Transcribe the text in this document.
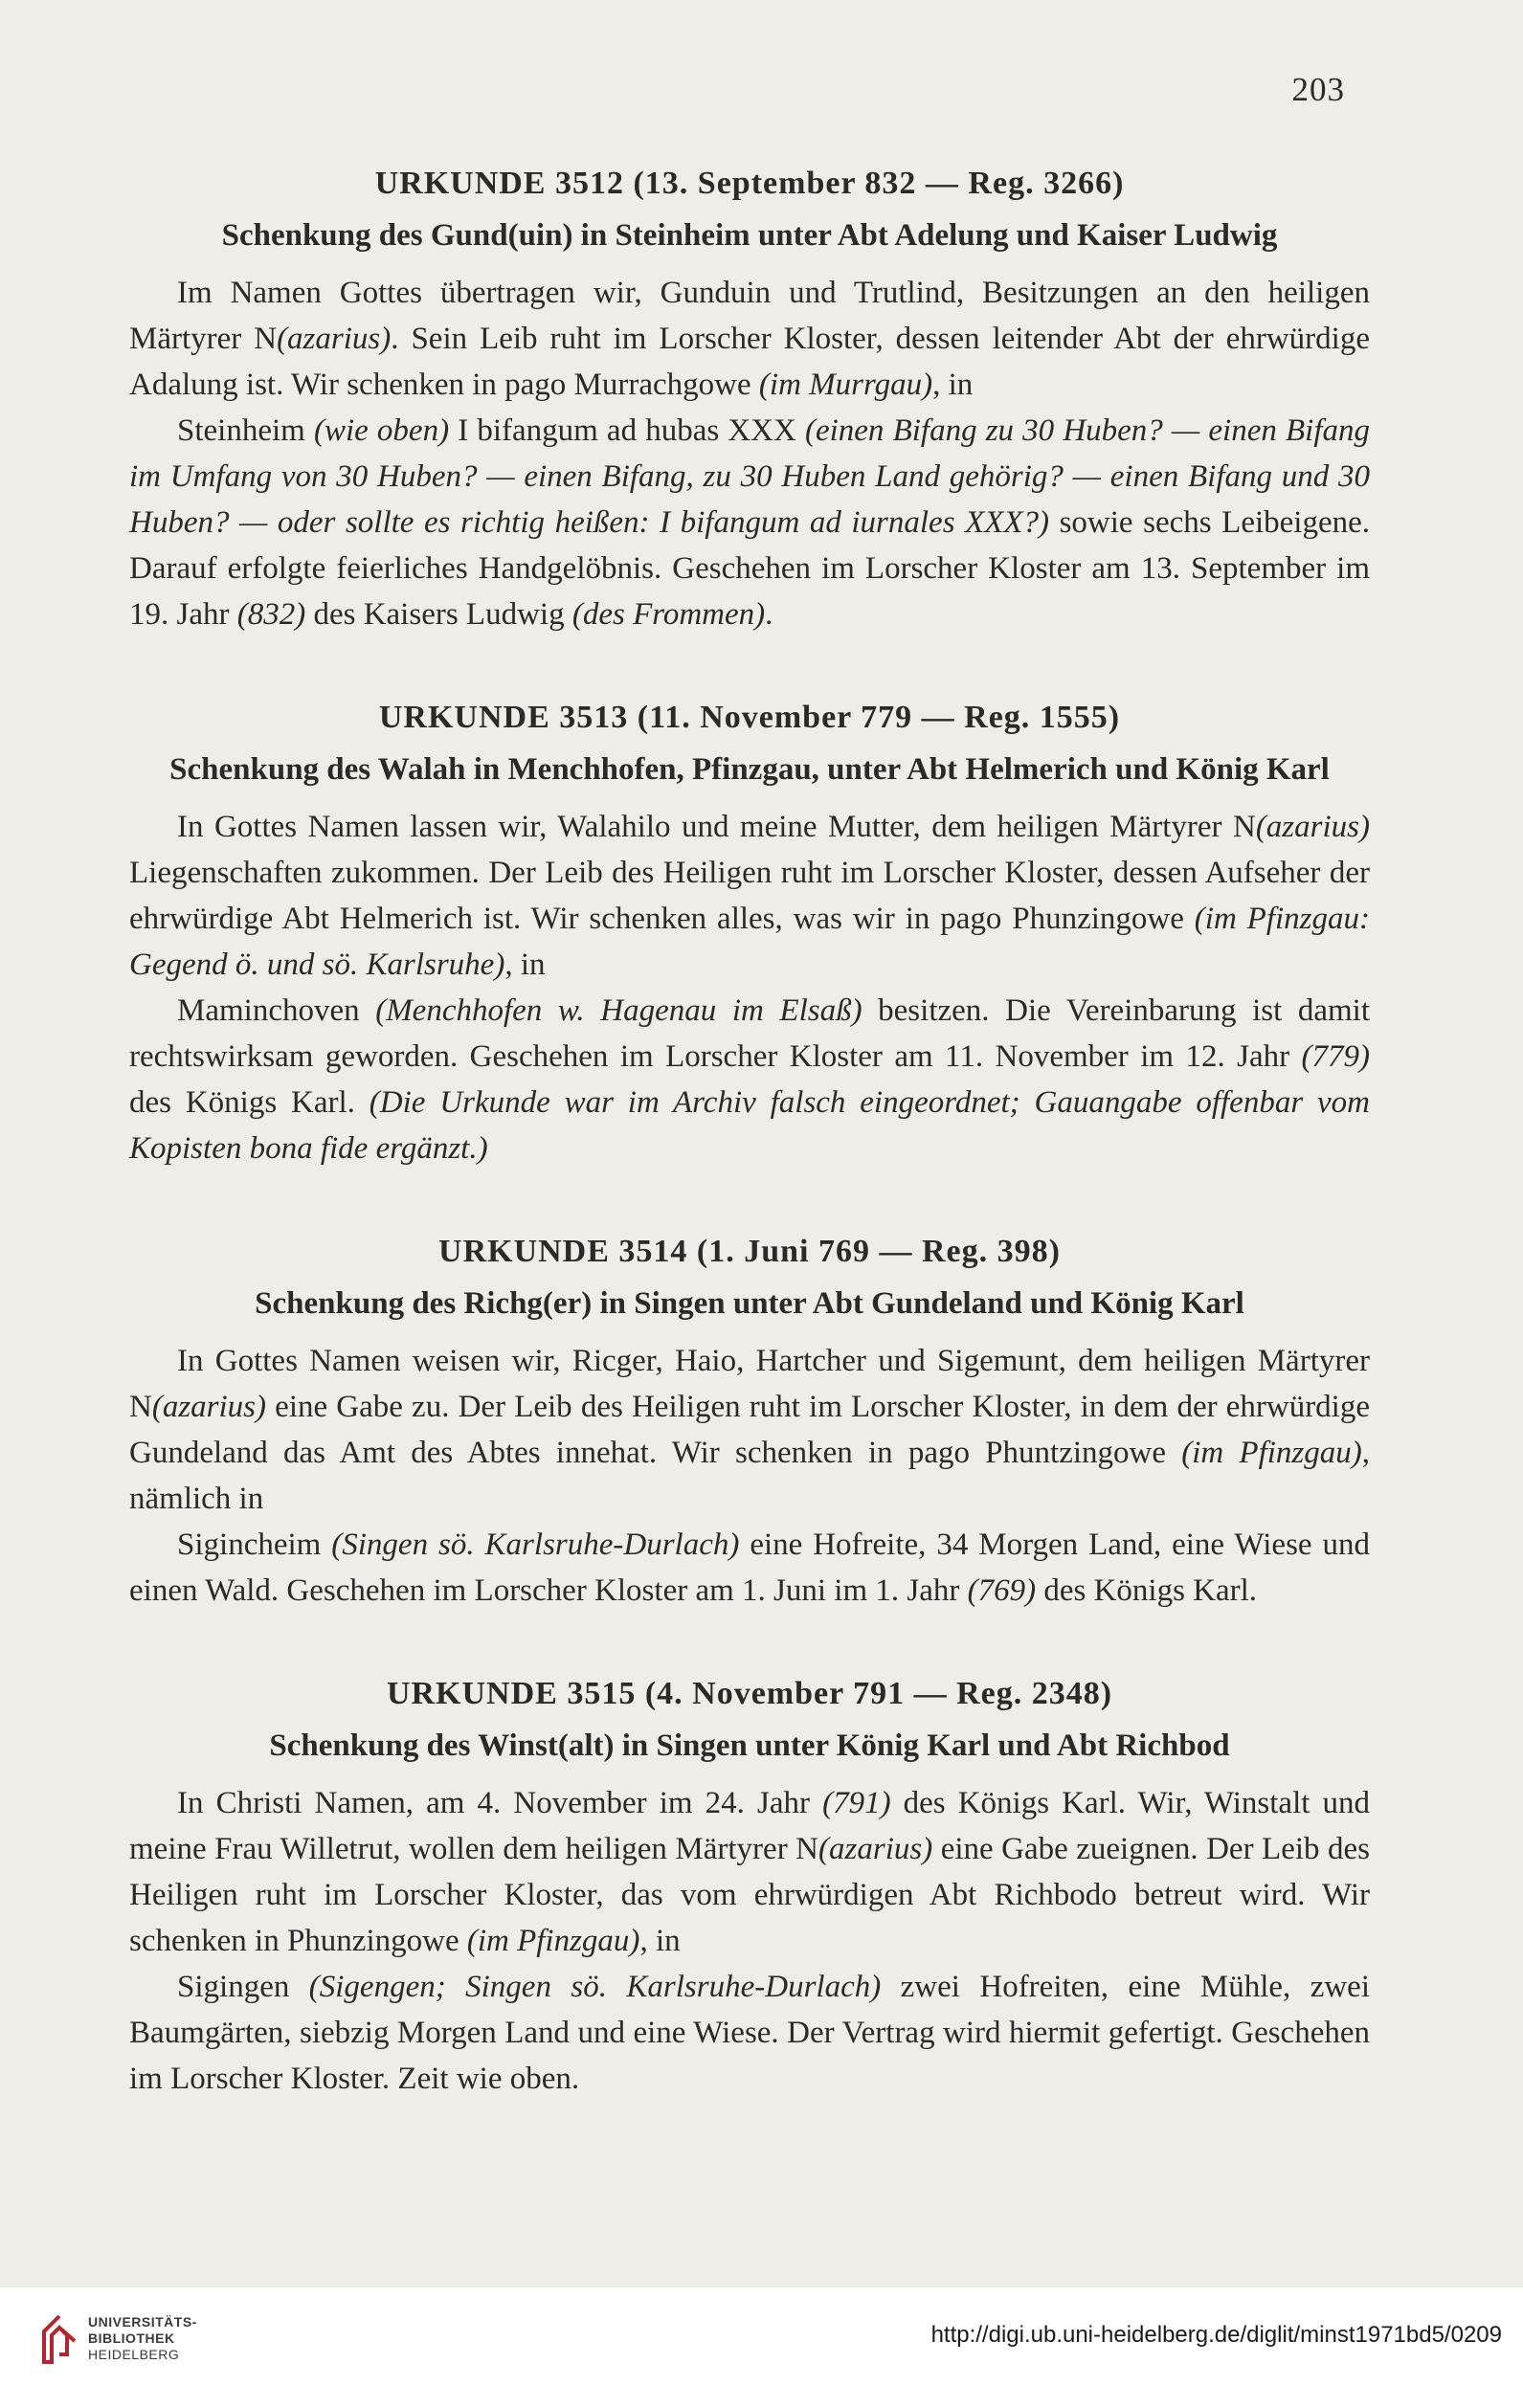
203
URKUNDE 3512 (13. September 832 — Reg. 3266)
Schenkung des Gund(uin) in Steinheim unter Abt Adelung und Kaiser Ludwig

Im Namen Gottes übertragen wir, Gunduin und Trutlind, Besitzungen an den heiligen Märtyrer N(azarius). Sein Leib ruht im Lorscher Kloster, dessen leitender Abt der ehrwürdige Adalung ist. Wir schenken in pago Murrachgowe (im Murrgau), in

Steinheim (wie oben) I bifangum ad hubas XXX (einen Bifang zu 30 Huben? — einen Bifang im Umfang von 30 Huben? — einen Bifang, zu 30 Huben Land gehörig? — einen Bifang und 30 Huben? — oder sollte es richtig heißen: I bifangum ad iurnales XXX?) sowie sechs Leibeigene. Darauf erfolgte feierliches Handgelöbnis. Geschehen im Lorscher Kloster am 13. September im 19. Jahr (832) des Kaisers Ludwig (des Frommen).

URKUNDE 3513 (11. November 779 — Reg. 1555)
Schenkung des Walah in Menchhofen, Pfinzgau, unter Abt Helmerich und König Karl

In Gottes Namen lassen wir, Walahilo und meine Mutter, dem heiligen Märtyrer N(azarius) Liegenschaften zukommen. Der Leib des Heiligen ruht im Lorscher Kloster, dessen Aufseher der ehrwürdige Abt Helmerich ist. Wir schenken alles, was wir in pago Phunzingowe (im Pfinzgau: Gegend ö. und sö. Karlsruhe), in

Maminchoven (Menchhofen w. Hagenau im Elsaß) besitzen. Die Vereinbarung ist damit rechtswirksam geworden. Geschehen im Lorscher Kloster am 11. November im 12. Jahr (779) des Königs Karl. (Die Urkunde war im Archiv falsch eingeordnet; Gauangabe offenbar vom Kopisten bona fide ergänzt.)

URKUNDE 3514 (1. Juni 769 — Reg. 398)
Schenkung des Richg(er) in Singen unter Abt Gundeland und König Karl

In Gottes Namen weisen wir, Ricger, Haio, Hartcher und Sigemunt, dem heiligen Märtyrer N(azarius) eine Gabe zu. Der Leib des Heiligen ruht im Lorscher Kloster, in dem der ehrwürdige Gundeland das Amt des Abtes innehat. Wir schenken in pago Phuntzingowe (im Pfinzgau), nämlich in

Sigincheim (Singen sö. Karlsruhe-Durlach) eine Hofreite, 34 Morgen Land, eine Wiese und einen Wald. Geschehen im Lorscher Kloster am 1. Juni im 1. Jahr (769) des Königs Karl.

URKUNDE 3515 (4. November 791 — Reg. 2348)
Schenkung des Winst(alt) in Singen unter König Karl und Abt Richbod

In Christi Namen, am 4. November im 24. Jahr (791) des Königs Karl. Wir, Winstalt und meine Frau Willetrut, wollen dem heiligen Märtyrer N(azarius) eine Gabe zueignen. Der Leib des Heiligen ruht im Lorscher Kloster, das vom ehrwürdigen Abt Richbodo betreut wird. Wir schenken in Phunzingowe (im Pfinzgau), in

Sigingen (Sigengen; Singen sö. Karlsruhe-Durlach) zwei Hofreiten, eine Mühle, zwei Baumgärten, siebzig Morgen Land und eine Wiese. Der Vertrag wird hiermit gefertigt. Geschehen im Lorscher Kloster. Zeit wie oben.

UNIVERSITÄTS-
BIBLIOTHEK
HEIDELBERG
http://digi.ub.uni-heidelberg.de/diglit/minst1971bd5/0209
